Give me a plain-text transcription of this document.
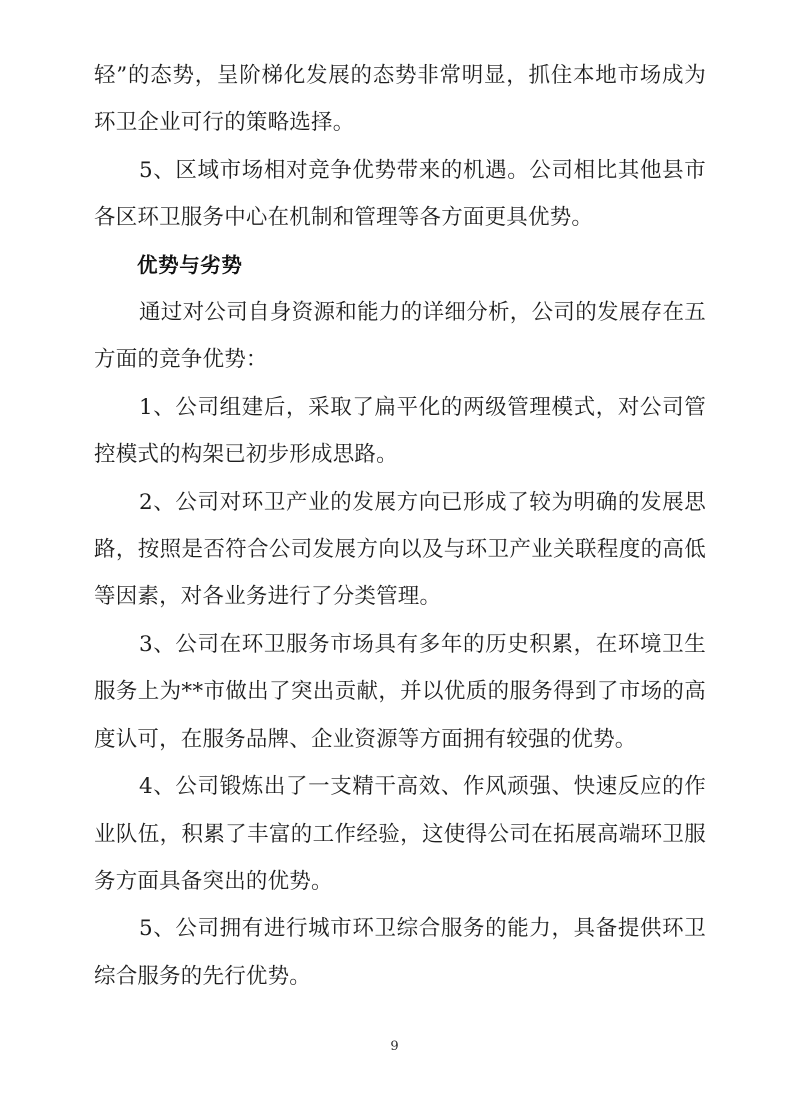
轻”的态势，呈阶梯化发展的态势非常明显，抓住本地市场成为环卫企业可行的策略选择。

5、区域市场相对竞争优势带来的机遇。公司相比其他县市各区环卫服务中心在机制和管理等各方面更具优势。

优势与劣势

通过对公司自身资源和能力的详细分析，公司的发展存在五方面的竞争优势：

1、公司组建后，采取了扁平化的两级管理模式，对公司管控模式的构架已初步形成思路。

2、公司对环卫产业的发展方向已形成了较为明确的发展思路，按照是否符合公司发展方向以及与环卫产业关联程度的高低等因素，对各业务进行了分类管理。

3、公司在环卫服务市场具有多年的历史积累，在环境卫生服务上为**市做出了突出贡献，并以优质的服务得到了市场的高度认可，在服务品牌、企业资源等方面拥有较强的优势。

4、公司锻炼出了一支精干高效、作风顽强、快速反应的作业队伍，积累了丰富的工作经验，这使得公司在拓展高端环卫服务方面具备突出的优势。

5、公司拥有进行城市环卫综合服务的能力，具备提供环卫综合服务的先行优势。

9
